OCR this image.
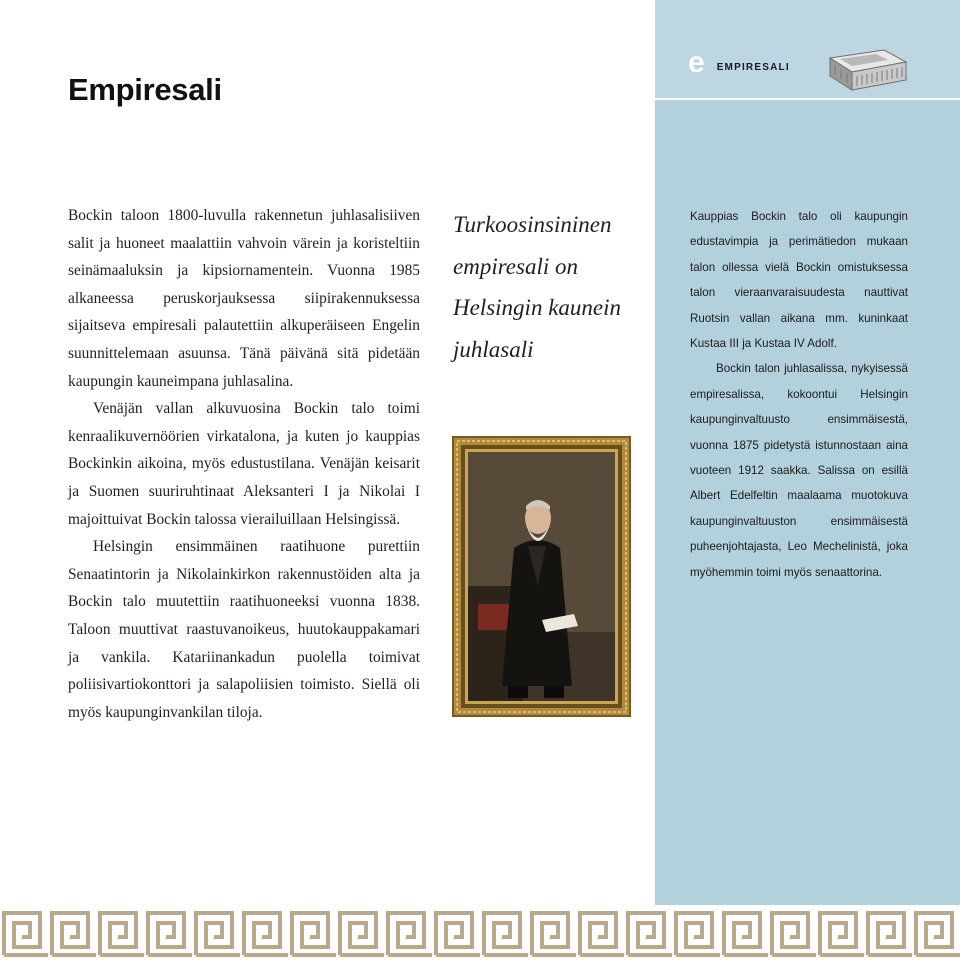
Empiresali
e EMPIRESALI

Bockin taloon 1800-luvulla rakennetun juhlasalisiiven salit ja huoneet maalattiin vahvoin värein ja koristeltiin seinämaaluksin ja kipsiornamentein. Vuonna 1985 alkaneessa peruskorjauksessa siipirakennuksessa sijaitseva empiresali palautettiin alkuperäiseen Engelin suunnittelemaan asuunsa. Tänä päivänä sitä pidetään kaupungin kauneimpana juhlasalina.

Venäjän vallan alkuvuosina Bockin talo toimi kenraalikuvernöörien virkatalona, ja kuten jo kauppias Bockinkin aikoina, myös edustustilana. Venäjän keisarit ja Suomen suuriruhtinaat Aleksanteri I ja Nikolai I majoittuivat Bockin talossa vierailuillaan Helsingissä.

Helsingin ensimmäinen raatihuone purettiin Senaatintorin ja Nikolainkirkon rakennustöiden alta ja Bockin talo muutettiin raatihuoneeksi vuonna 1838. Taloon muuttivat raastuvanoikeus, huutokauppakamari ja vankila. Katariinankadun puolella toimivat poliisivartiokonttori ja salapoliisien toimisto. Siellä oli myös kaupunginvankilan tiloja.

Turkoosinsininen empiresali on Helsingin kaunein juhlasali

Kauppias Bockin talo oli kaupungin edustavimpia ja perimätiedon mukaan talon ollessa vielä Bockin omistuksessa talon vieraanvaraisuudesta nauttivat Ruotsin vallan aikana mm. kuninkaat Kustaa III ja Kustaa IV Adolf.

Bockin talon juhlasalissa, nykyisessä empiresalissa, kokoontui Helsingin kaupunginvaltuusto ensimmäisestä, vuonna 1875 pidetystä istunnostaan aina vuoteen 1912 saakka. Salissa on esillä Albert Edelfeltin maalaama muotokuva kaupunginvaltuuston ensimmäisestä puheenjohtajasta, Leo Mechelinistä, joka myöhemmin toimi myös senaattorina.
